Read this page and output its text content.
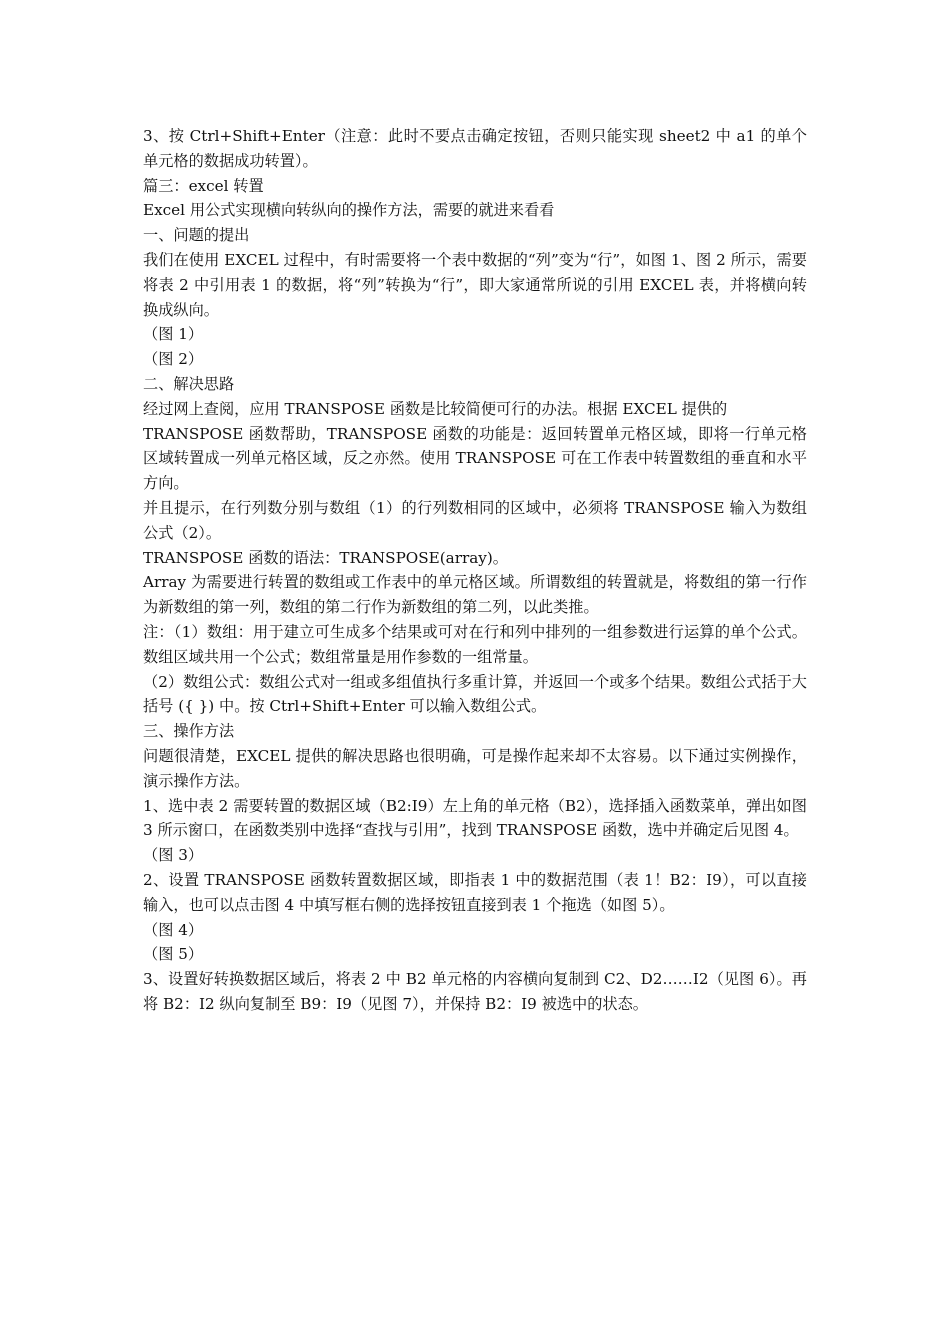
3、按 Ctrl+Shift+Enter（注意：此时不要点击确定按钮，否则只能实现 sheet2 中 a1 的单个单元格的数据成功转置）。

篇三：excel 转置

Excel 用公式实现横向转纵向的操作方法，需要的就进来看看

一、问题的提出

我们在使用 EXCEL 过程中，有时需要将一个表中数据的“列”变为“行”，如图 1、图 2 所示，需要将表 2 中引用表 1 的数据，将“列”转换为“行”，即大家通常所说的引用 EXCEL 表，并将横向转换成纵向。

（图 1）

（图 2）

二、解决思路

经过网上查阅，应用 TRANSPOSE 函数是比较简便可行的办法。根据 EXCEL 提供的

TRANSPOSE 函数帮助，TRANSPOSE 函数的功能是：返回转置单元格区域，即将一行单元格区域转置成一列单元格区域，反之亦然。使用 TRANSPOSE 可在工作表中转置数组的垂直和水平方向。

并且提示，在行列数分别与数组（1）的行列数相同的区域中，必须将 TRANSPOSE 输入为数组公式（2）。

TRANSPOSE 函数的语法：TRANSPOSE(array)。

Array 为需要进行转置的数组或工作表中的单元格区域。所谓数组的转置就是，将数组的第一行作为新数组的第一列，数组的第二行作为新数组的第二列，以此类推。

注：（1）数组：用于建立可生成多个结果或可对在行和列中排列的一组参数进行运算的单个公式。数组区域共用一个公式；数组常量是用作参数的一组常量。

（2）数组公式：数组公式对一组或多组值执行多重计算，并返回一个或多个结果。数组公式括于大括号 ({ }) 中。按 Ctrl+Shift+Enter 可以输入数组公式。

三、操作方法

问题很清楚，EXCEL 提供的解决思路也很明确，可是操作起来却不太容易。以下通过实例操作，演示操作方法。

1、选中表 2 需要转置的数据区域（B2:I9）左上角的单元格（B2），选择插入函数菜单，弹出如图 3 所示窗口，在函数类别中选择“查找与引用”，找到 TRANSPOSE 函数，选中并确定后见图 4。

（图 3）

2、设置 TRANSPOSE 函数转置数据区域，即指表 1 中的数据范围（表 1！B2：I9），可以直接输入，也可以点击图 4 中填写框右侧的选择按钮直接到表 1 个拖选（如图 5）。

（图 4）

（图 5）

3、设置好转换数据区域后，将表 2 中 B2 单元格的内容横向复制到 C2、D2……I2（见图 6）。再将 B2：I2 纵向复制至 B9：I9（见图 7），并保持 B2：I9 被选中的状态。
